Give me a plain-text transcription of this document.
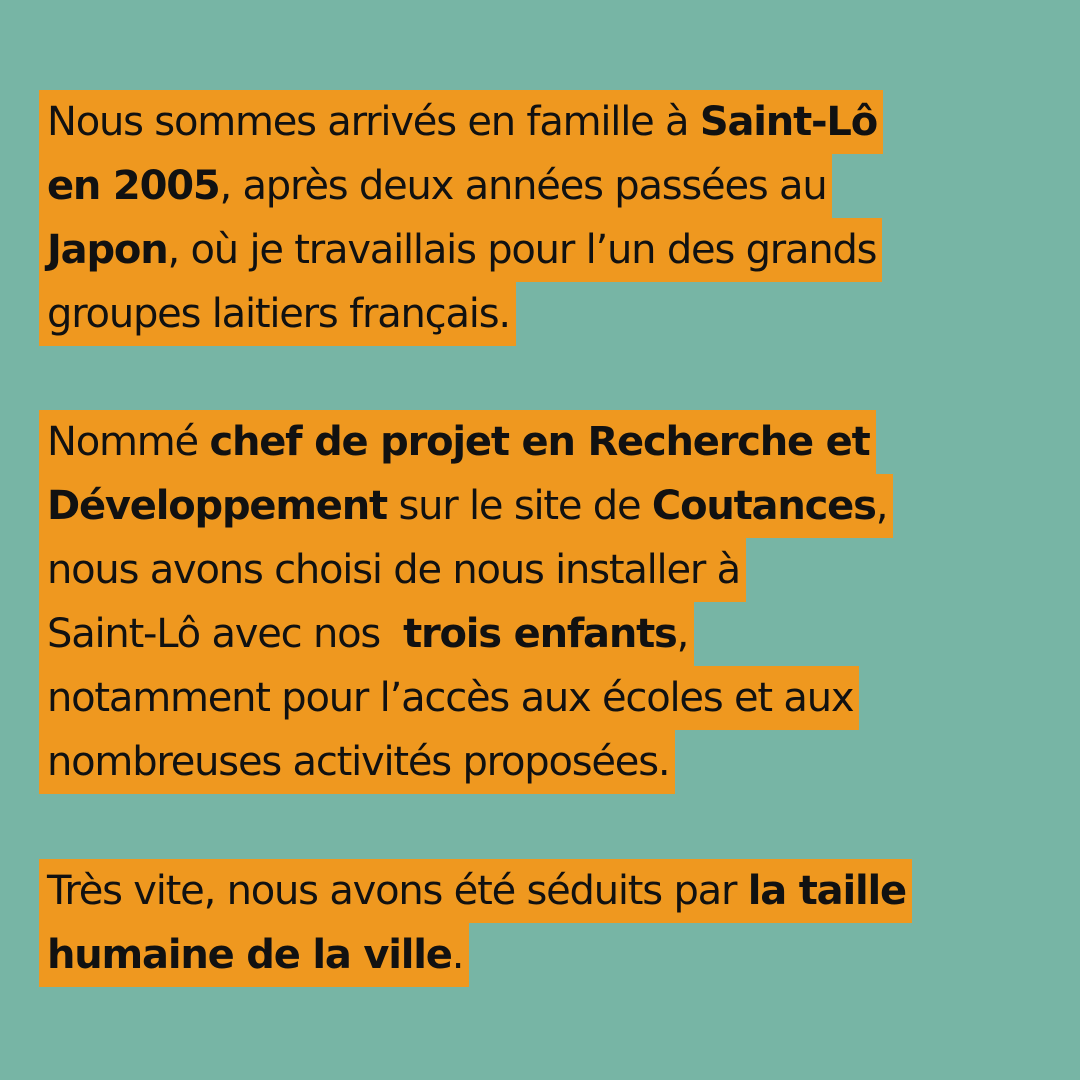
Nous sommes arrivés en famille à Saint-Lô
en 2005, après deux années passées au
Japon, où je travaillais pour l’un des grands
groupes laitiers français.
Nommé chef de projet en Recherche et
Développement sur le site de Coutances,
nous avons choisi de nous installer à
Saint-Lô avec nos  trois enfants,
notamment pour l’accès aux écoles et aux
nombreuses activités proposées.
Très vite, nous avons été séduits par la taille
humaine de la ville.
